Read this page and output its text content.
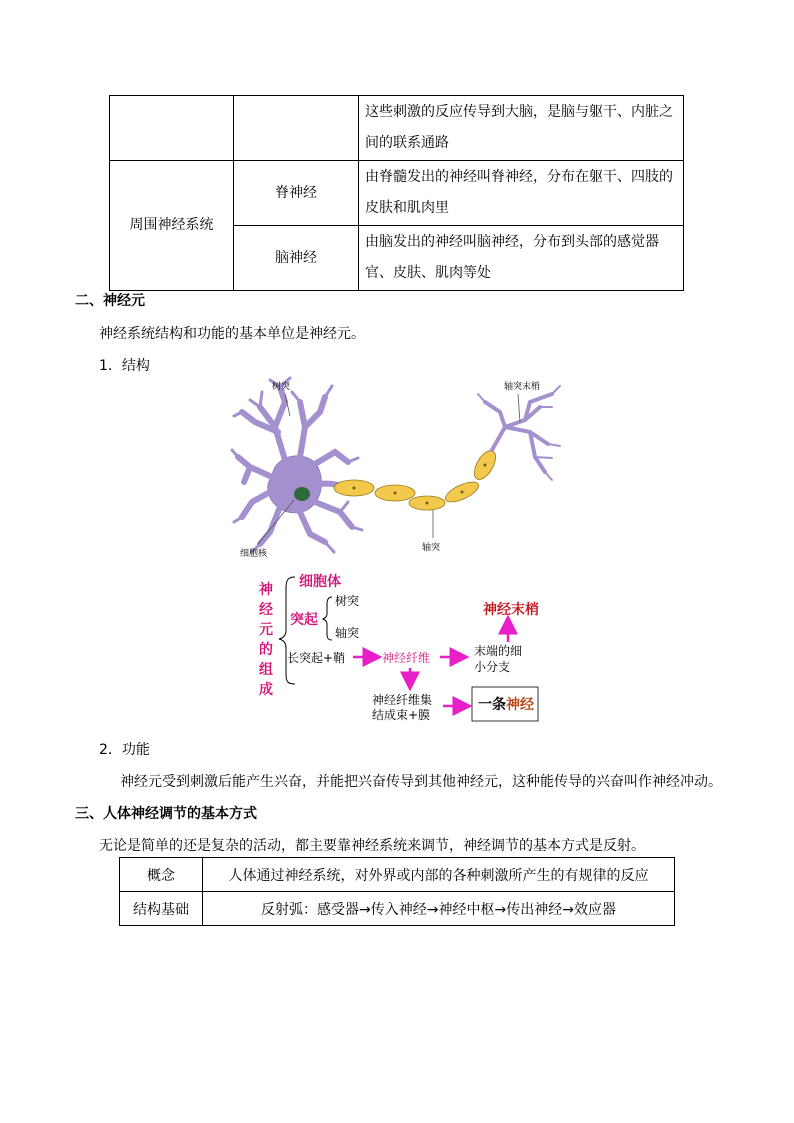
		这些刺激的反应传导到大脑，是脑与躯干、内脏之间的联系通路
周围神经系统	脊神经	由脊髓发出的神经叫脊神经，分布在躯干、四肢的皮肤和肌肉里
	脑神经	由脑发出的神经叫脑神经，分布到头部的感觉器官、皮肤、肌肉等处
二、神经元
神经系统结构和功能的基本单位是神经元。
1．结构
树突	轴突末梢
细胞核
轴突
神
经
元
的
组
成
细胞体
突起
树突
轴突
长突起+鞘	神经纤维	末端的细
小分支
神经末梢
神经纤维集
结成束+膜
一条神经
2．功能
神经元受到刺激后能产生兴奋，并能把兴奋传导到其他神经元，这种能传导的兴奋叫作神经冲动。
三、人体神经调节的基本方式
无论是简单的还是复杂的活动，都主要靠神经系统来调节，神经调节的基本方式是反射。
概念	人体通过神经系统，对外界或内部的各种刺激所产生的有规律的反应
结构基础	反射弧：感受器→传入神经→神经中枢→传出神经→效应器
